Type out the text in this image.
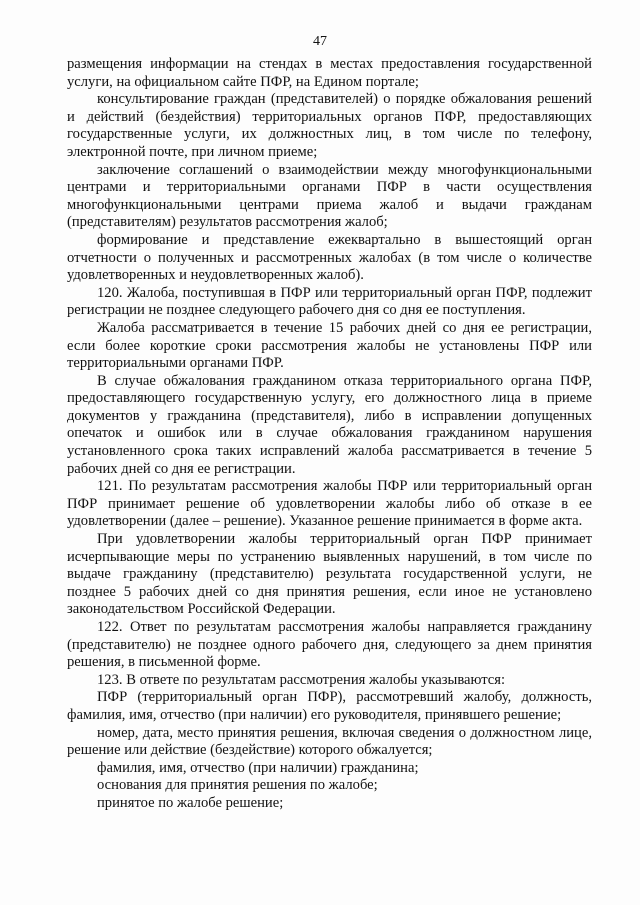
47

размещения информации на стендах в местах предоставления государственной услуги, на официальном сайте ПФР, на Едином портале;

консультирование граждан (представителей) о порядке обжалования решений и действий (бездействия) территориальных органов ПФР, предоставляющих государственные услуги, их должностных лиц, в том числе по телефону, электронной почте, при личном приеме;

заключение соглашений о взаимодействии между многофункциональными центрами и территориальными органами ПФР в части осуществления многофункциональными центрами приема жалоб и выдачи гражданам (представителям) результатов рассмотрения жалоб;

формирование и представление ежеквартально в вышестоящий орган отчетности о полученных и рассмотренных жалобах (в том числе о количестве удовлетворенных и неудовлетворенных жалоб).

120. Жалоба, поступившая в ПФР или территориальный орган ПФР, подлежит регистрации не позднее следующего рабочего дня со дня ее поступления.

Жалоба рассматривается в течение 15 рабочих дней со дня ее регистрации, если более короткие сроки рассмотрения жалобы не установлены ПФР или территориальными органами ПФР.

В случае обжалования гражданином отказа территориального органа ПФР, предоставляющего государственную услугу, его должностного лица в приеме документов у гражданина (представителя), либо в исправлении допущенных опечаток и ошибок или в случае обжалования гражданином нарушения установленного срока таких исправлений жалоба рассматривается в течение 5 рабочих дней со дня ее регистрации.

121. По результатам рассмотрения жалобы ПФР или территориальный орган ПФР принимает решение об удовлетворении жалобы либо об отказе в ее удовлетворении (далее – решение). Указанное решение принимается в форме акта.

При удовлетворении жалобы территориальный орган ПФР принимает исчерпывающие меры по устранению выявленных нарушений, в том числе по выдаче гражданину (представителю) результата государственной услуги, не позднее 5 рабочих дней со дня принятия решения, если иное не установлено законодательством Российской Федерации.

122. Ответ по результатам рассмотрения жалобы направляется гражданину (представителю) не позднее одного рабочего дня, следующего за днем принятия решения, в письменной форме.

123. В ответе по результатам рассмотрения жалобы указываются:

ПФР (территориальный орган ПФР), рассмотревший жалобу, должность, фамилия, имя, отчество (при наличии) его руководителя, принявшего решение;

номер, дата, место принятия решения, включая сведения о должностном лице, решение или действие (бездействие) которого обжалуется;

фамилия, имя, отчество (при наличии) гражданина;

основания для принятия решения по жалобе;

принятое по жалобе решение;
